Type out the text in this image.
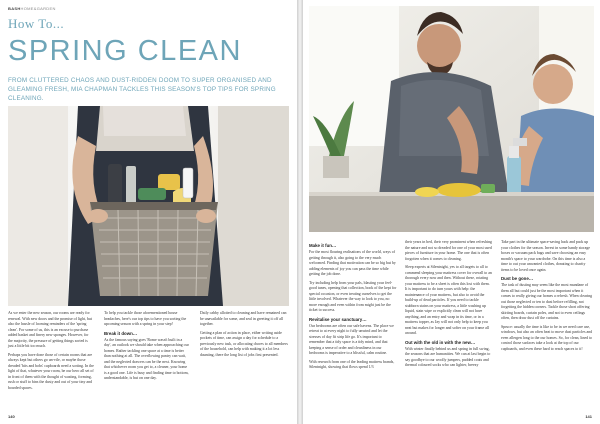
BASHHOME&GARDEN
How To...
SPRING CLEAN
FROM CLUTTERED CHAOS AND DUST-RIDDEN DOOM TO SUPER ORGANISED AND GLEAMING FRESH, MIA CHAPMAN TACKLES THIS SEASON'S TOP TIPS FOR SPRING CLEANING.

As we enter the new season, our rooms are ready for renewal. With new doors and the promise of light, but also the hassle of looming reminders of the 'spring clean'. For some of us, this is an excuse to purchase added basket and finery new sponges. However, for the majority, the pressure of getting things sorted is just a little bit too much.

Perhaps you have done those of certain rooms that are always kept but others go un-vile, or maybe those dreaded 'bits and bobs' cupboards need a sorting. In the light of that, whatever your room, be our hero all set of in front of them with the thought of wasting, forming, rush or stuff to bins the dusty and out of your tiny and boarded spaces.

To help you tackle those aforementioned house headaches, here's our top tips to have you sorting the upcoming season with a spring in your step!

Break it down…

As the famous saying goes 'Rome wasn't built in a day', an outlook we should take when approaching our homes. Rather tackling one space at a time is better than nothing at all. The overflowing pantry can wait, and the neglected drawers can be the next. Knowing that whichever room you get to, a cleaner, your home is a good one. Life is busy and finding time to bottom, understandable, is but on one day.

Daily cabby allotted to cleaning and have remained can be unavailable for some, and seal in greeting it off all together.

Getting a plan of action in place, either writing aside pockets of time, can assign a day for schedule to a previously new task, or allocating chores to all members of the household, can help with making it a lot less daunting, there the long list of jobs first presented.

140
Make it fun…

For the most flouring realisations of the world, ways of getting through it, also going to the very much welcomed. Finding that motivation can be so big but by adding elements of joy you can pass the time while getting the job done.

Try including help from your pals, blasting your feel-good tunes, opening that collection, book of the kept for special occasion, or even treating ourselves to get the little involved. Whatever the way to look to you, no more enough and even within from might just be the ticket to success.

Revitalise your sanctuary…

Our bedrooms are often our safe havens. The place we retreat to at every night to fully unwind and let the stresses of day fit strip life go. It's important to remember that a tidy space is a tidy mind, and that keeping a sense of order and cleanliness in our bedrooms is imperative to a blissful, calm routine.

With research from one of the leading mattress brands, Silentnight, showing that flows spend 1/3

their years in bed, their very prominent when refreshing the nature and not so dreaded for one of your most used pieces of furniture in your home. The one that is often forgotten when it comes to cleaning.

Sleep experts at Silentnight, yes to all targets to all to commend sleeping your mattress cover for overall to an thorough every now and then. Without these, rotating your mattress to be a sheet is often this lost with them. It is important to do turn yours with help: the maintenance of your mattress, but also to avoid the build-up of dead particles. If you need to tackle stubborn stains on your mattress, a little washing up liquid, stain wipe or explicitly clean will not have anything, and an entry and wrap in its time, or in a mattress topper, as Jay will not only help to keep you neat but makes for longer and softer on your frame all around.

Out with the old in with the new…

With winter finally behind us and spring in full swing, the seasons that are humanities. We can at last begin to say goodbye to our woolly jumpers, padded coats and thermal coloured socks who can lighter, breezy

Take part in the ultimate space-saving hack and pack up your clothes for the season. Invest in some handy storage boxes or vacuum pack bags and save choosing an easy month's space to your wardrobe. On this time is also a time to out your unwanted clothes, donating to charity items to be loved once again.

Dust be gone…

The task of dusting may seem like the most mundane of them all but could just be the most important when it comes to really giving our homes a refresh. When clearing out those neglected or ten to dust before refilling, not forgetting the hidden corners. Tackle those short offering skirting boards, curtain poles, and not to even ceilings often, then draw dust off the curtains.

Spruce: usually the time is like to be in we need care use, windows, but also an often heat to move dust particles and even allergen long to the our homes. So, for clean, lined to control those surfaces take a look at the top of our cupboards, and even these hard to reach spaces to it!

141
